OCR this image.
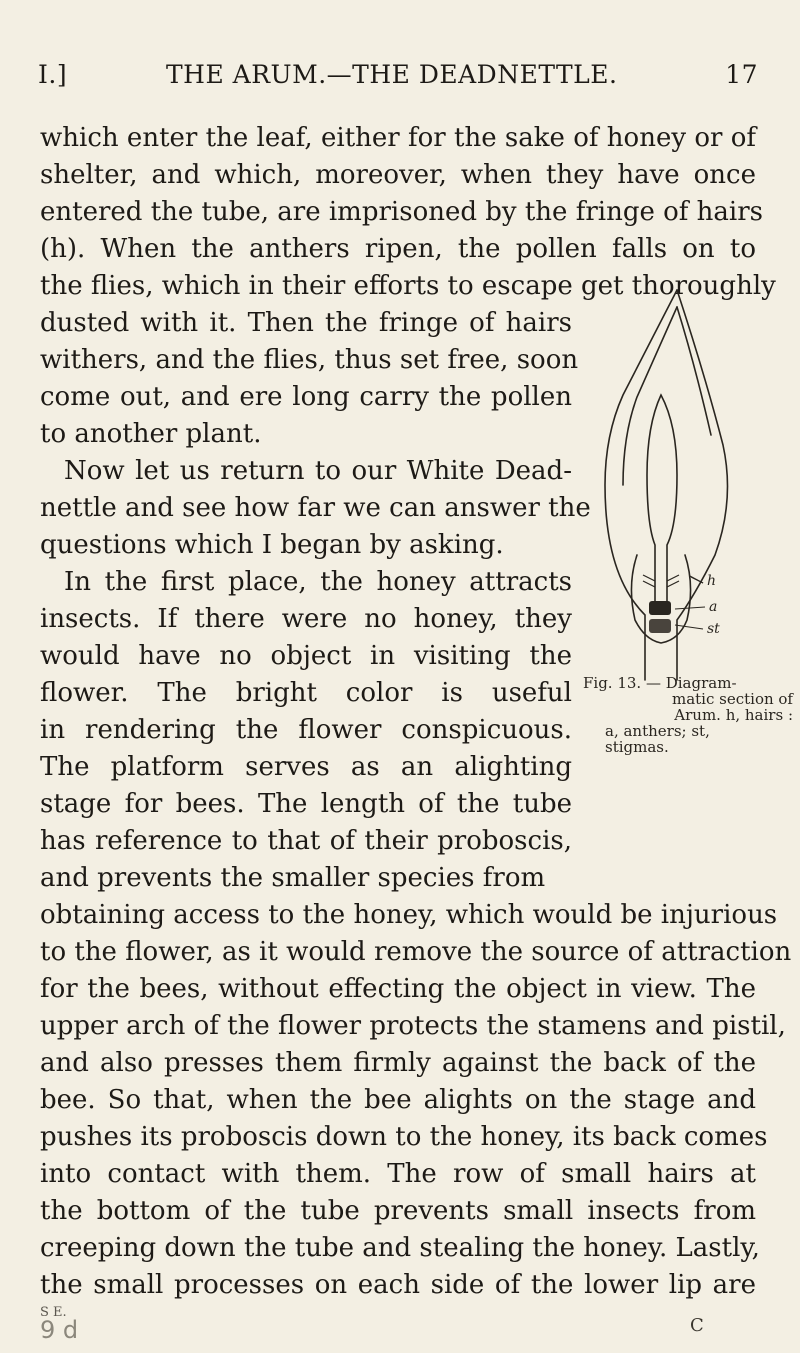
I.]	THE ARUM.—THE DEADNETTLE.	17
which enter the leaf, either for the sake of honey or of
shelter, and which, moreover, when they have once
entered the tube, are imprisoned by the fringe of hairs
(h). When the anthers ripen, the pollen falls on to
the flies, which in their efforts to escape get thoroughly
dusted with it. Then the fringe of hairs
withers, and the flies, thus set free, soon
come out, and ere long carry the pollen
to another plant.
Now let us return to our White Dead-
nettle and see how far we can answer the
questions which I began by asking.
In the first place, the honey attracts
insects. If there were no honey, they
would have no object in visiting the
flower. The bright color is useful
in rendering the flower conspicuous.
The platform serves as an alighting
stage for bees. The length of the tube
has reference to that of their proboscis,
and prevents the smaller species from
obtaining access to the honey, which would be injurious
to the flower, as it would remove the source of attraction
for the bees, without effecting the object in view. The
upper arch of the flower protects the stamens and pistil,
and also presses them firmly against the back of the
bee. So that, when the bee alights on the stage and
pushes its proboscis down to the honey, its back comes
into contact with them. The row of small hairs at
the bottom of the tube prevents small insects from
creeping down the tube and stealing the honey. Lastly,
the small processes on each side of the lower lip are
h
a
st
Fig. 13. — Diagram-
matic section of
Arum. h, hairs :
a, anthers; st,
stigmas.
S E.
9 d	C
